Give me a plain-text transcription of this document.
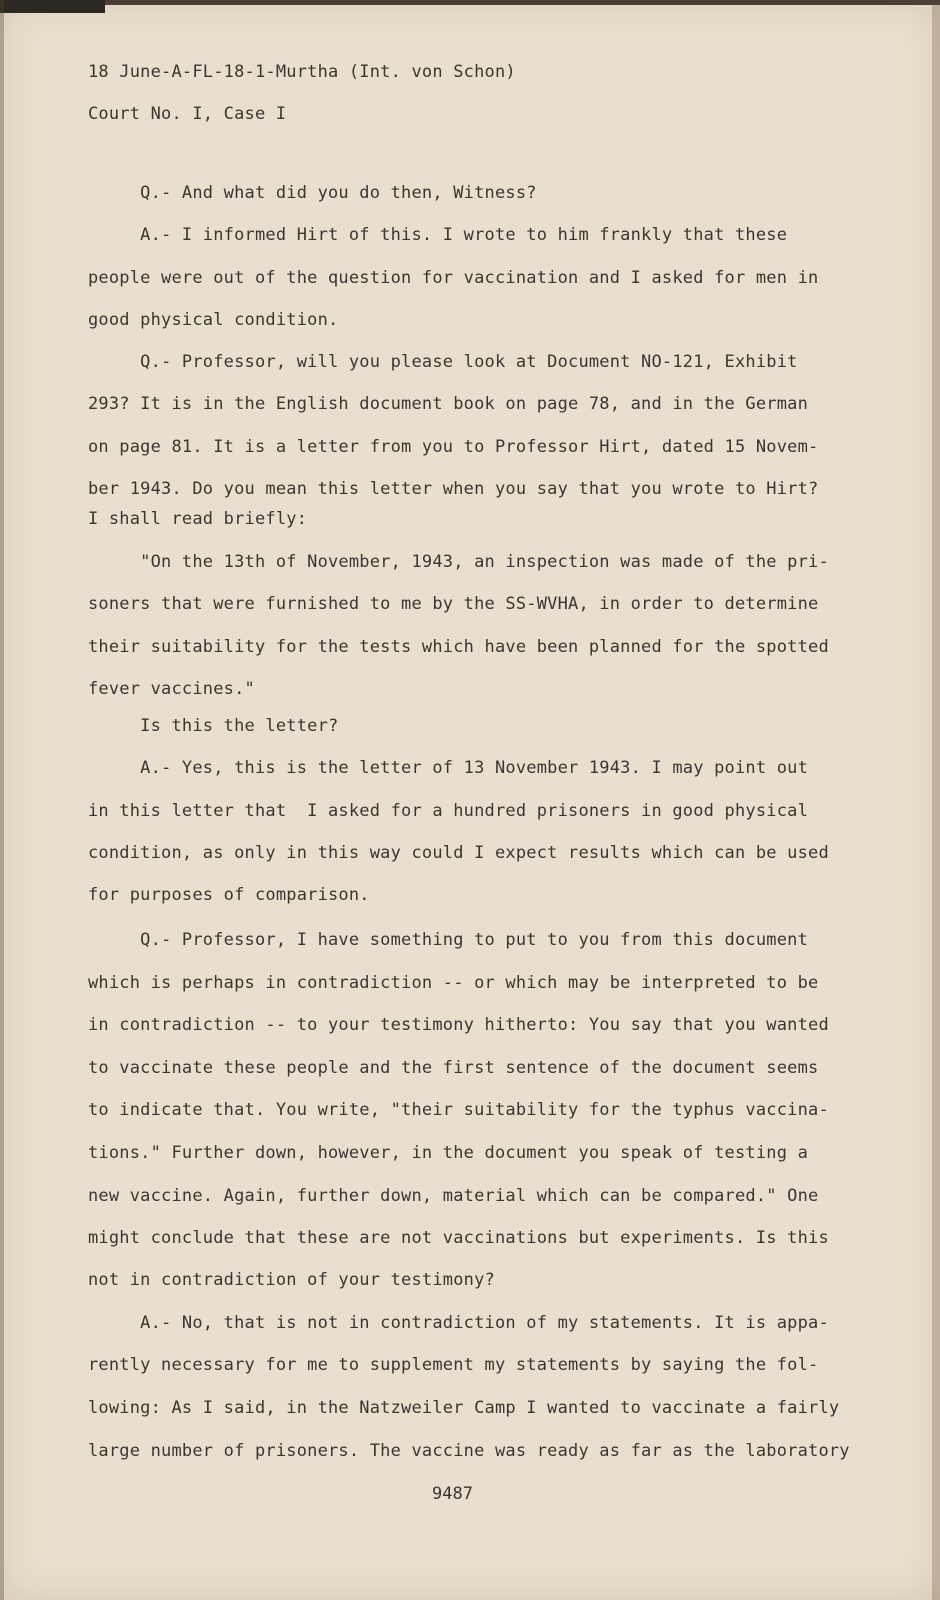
18 June-A-FL-18-1-Murtha (Int. von Schon)
Court No. I, Case I
Q.- And what did you do then, Witness?
A.- I informed Hirt of this. I wrote to him frankly that these
people were out of the question for vaccination and I asked for men in
good physical condition.
Q.- Professor, will you please look at Document NO-121, Exhibit
293? It is in the English document book on page 78, and in the German
on page 81. It is a letter from you to Professor Hirt, dated 15 Novem-
ber 1943. Do you mean this letter when you say that you wrote to Hirt?
I shall read briefly:
"On the 13th of November, 1943, an inspection was made of the pri-
soners that were furnished to me by the SS-WVHA, in order to determine
their suitability for the tests which have been planned for the spotted
fever vaccines."
Is this the letter?
A.- Yes, this is the letter of 13 November 1943. I may point out
in this letter that  I asked for a hundred prisoners in good physical
condition, as only in this way could I expect results which can be used
for purposes of comparison.
Q.- Professor, I have something to put to you from this document
which is perhaps in contradiction -- or which may be interpreted to be
in contradiction -- to your testimony hitherto: You say that you wanted
to vaccinate these people and the first sentence of the document seems
to indicate that. You write, "their suitability for the typhus vaccina-
tions." Further down, however, in the document you speak of testing a
new vaccine. Again, further down, material which can be compared." One
might conclude that these are not vaccinations but experiments. Is this
not in contradiction of your testimony?
A.- No, that is not in contradiction of my statements. It is appa-
rently necessary for me to supplement my statements by saying the fol-
lowing: As I said, in the Natzweiler Camp I wanted to vaccinate a fairly
large number of prisoners. The vaccine was ready as far as the laboratory
9487
